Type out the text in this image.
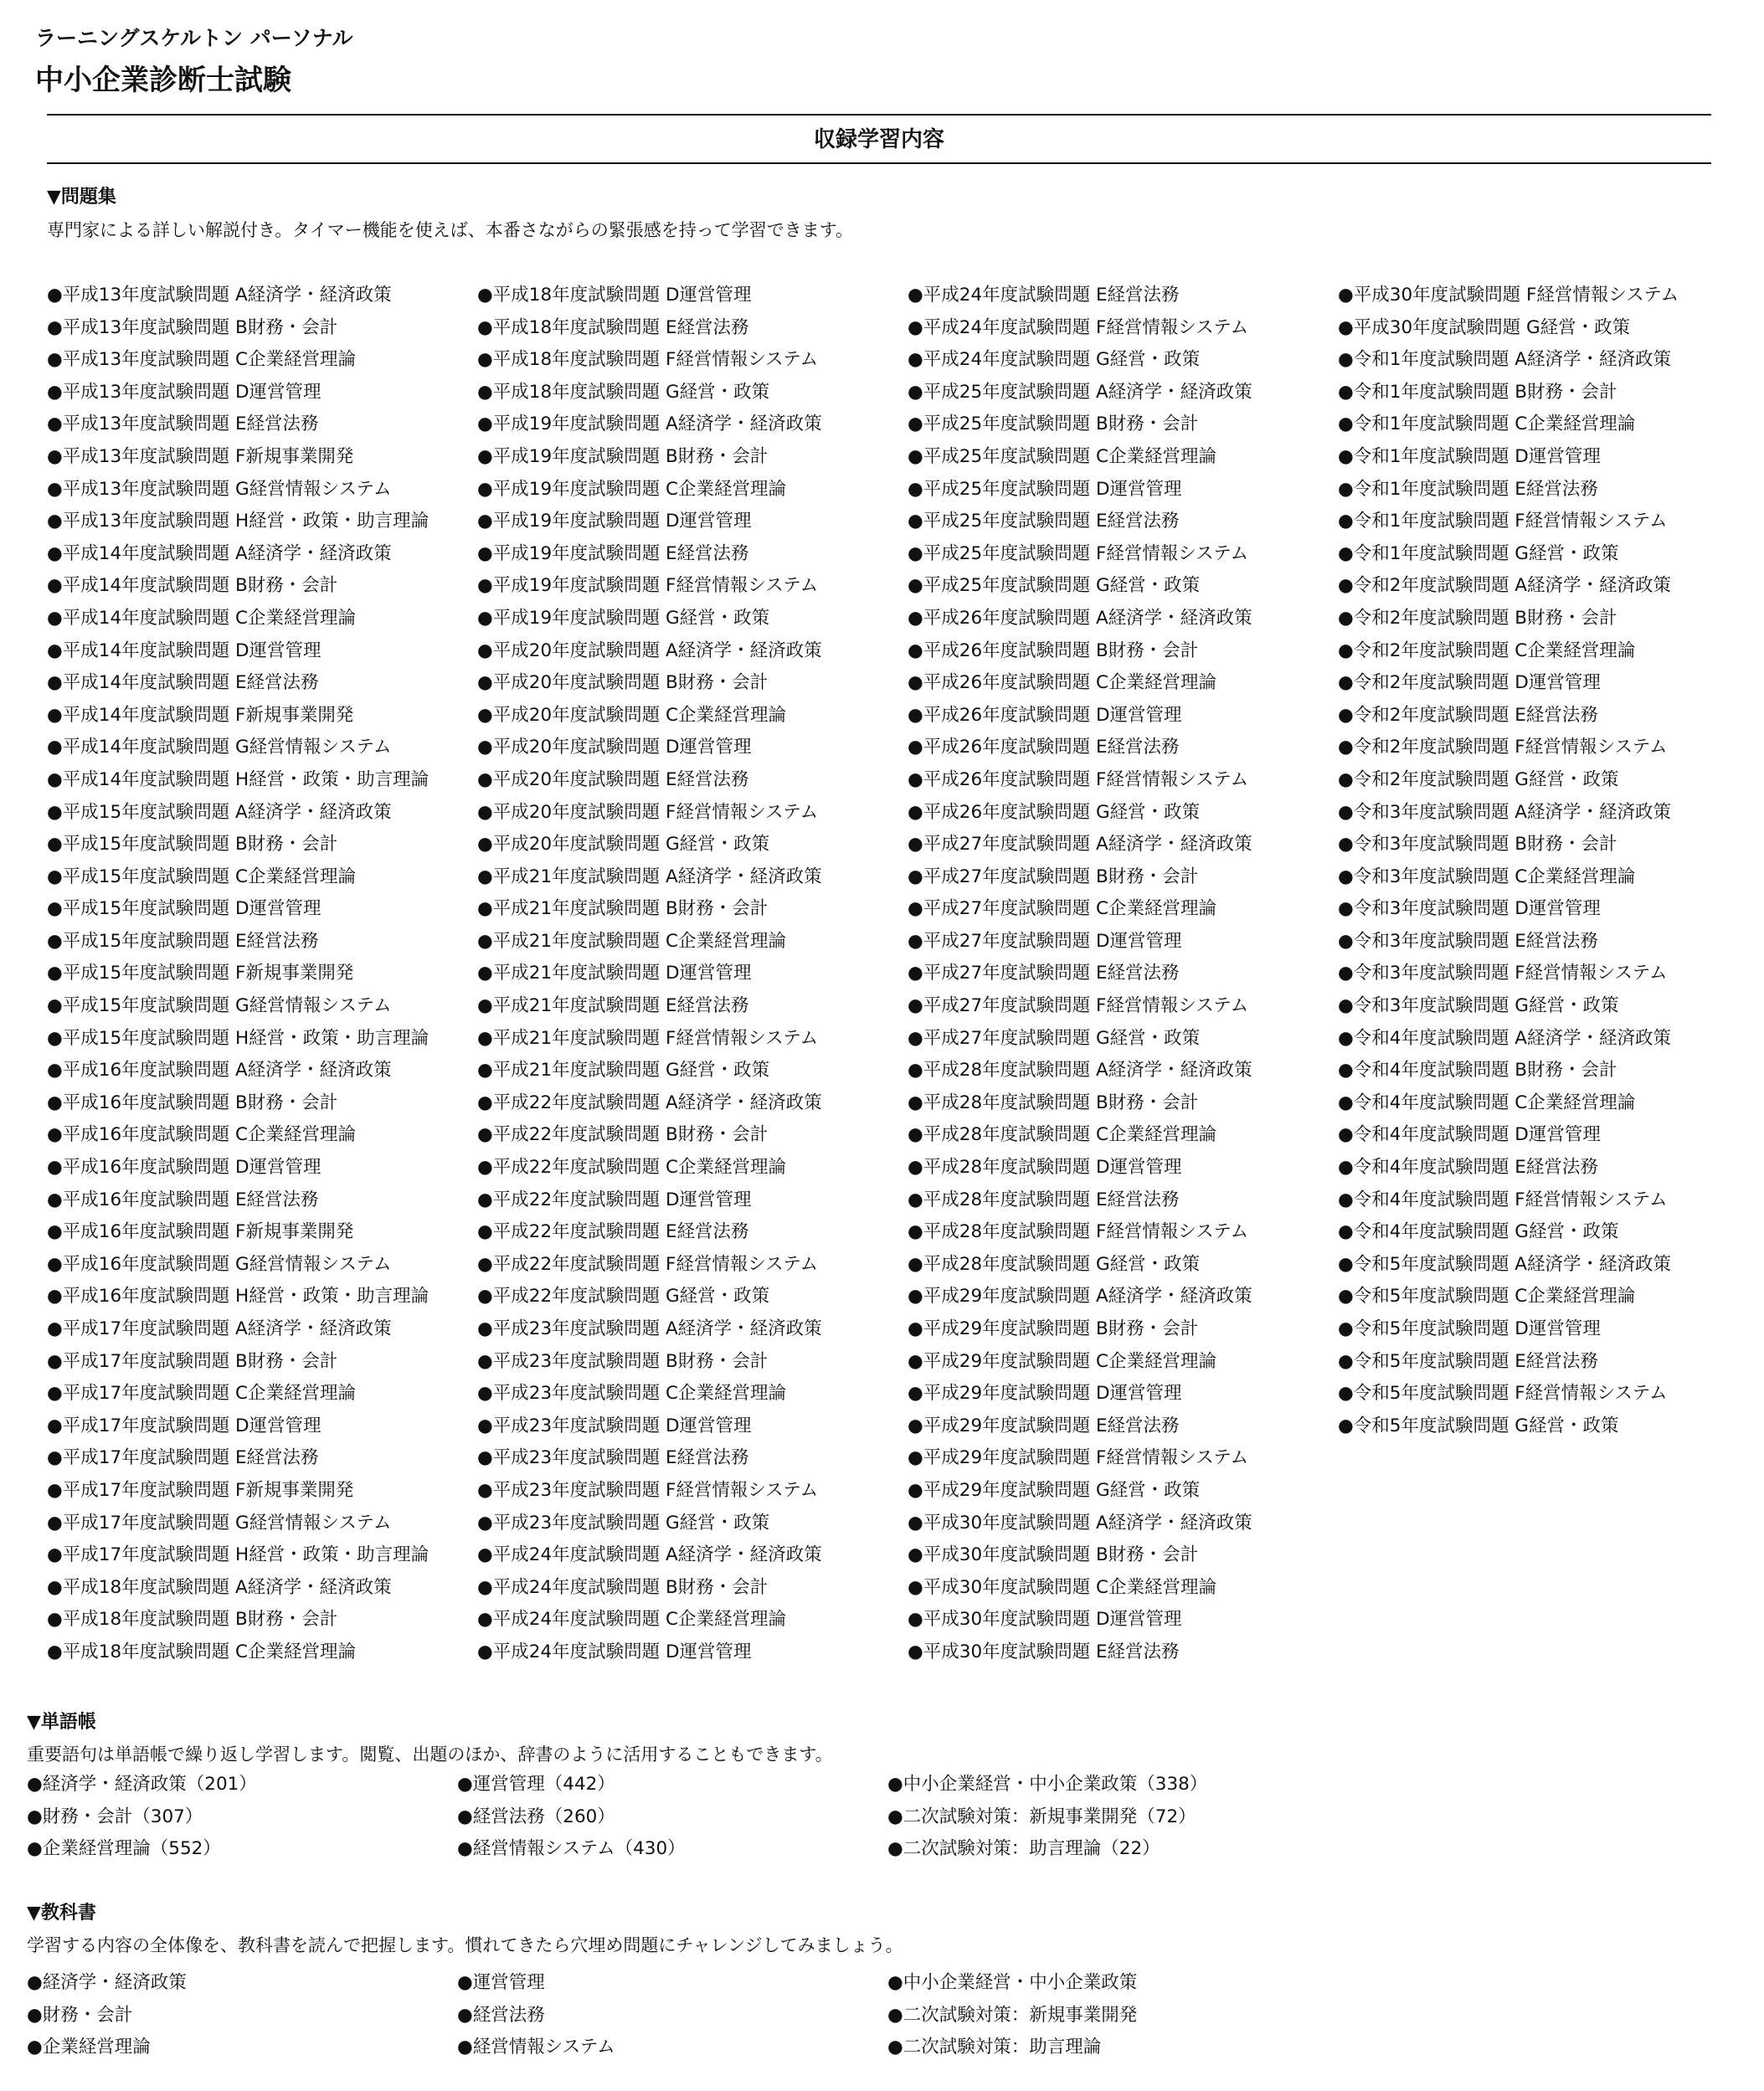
ラーニングスケルトン パーソナル
中小企業診断士試験
収録学習内容
▼問題集
専門家による詳しい解説付き。タイマー機能を使えば、本番さながらの緊張感を持って学習できます。
●平成13年度試験問題 A経済学・経済政策
●平成13年度試験問題 B財務・会計
●平成13年度試験問題 C企業経営理論
●平成13年度試験問題 D運営管理
●平成13年度試験問題 E経営法務
●平成13年度試験問題 F新規事業開発
●平成13年度試験問題 G経営情報システム
●平成13年度試験問題 H経営・政策・助言理論
●平成14年度試験問題 A経済学・経済政策
●平成14年度試験問題 B財務・会計
●平成14年度試験問題 C企業経営理論
●平成14年度試験問題 D運営管理
●平成14年度試験問題 E経営法務
●平成14年度試験問題 F新規事業開発
●平成14年度試験問題 G経営情報システム
●平成14年度試験問題 H経営・政策・助言理論
●平成15年度試験問題 A経済学・経済政策
●平成15年度試験問題 B財務・会計
●平成15年度試験問題 C企業経営理論
●平成15年度試験問題 D運営管理
●平成15年度試験問題 E経営法務
●平成15年度試験問題 F新規事業開発
●平成15年度試験問題 G経営情報システム
●平成15年度試験問題 H経営・政策・助言理論
●平成16年度試験問題 A経済学・経済政策
●平成16年度試験問題 B財務・会計
●平成16年度試験問題 C企業経営理論
●平成16年度試験問題 D運営管理
●平成16年度試験問題 E経営法務
●平成16年度試験問題 F新規事業開発
●平成16年度試験問題 G経営情報システム
●平成16年度試験問題 H経営・政策・助言理論
●平成17年度試験問題 A経済学・経済政策
●平成17年度試験問題 B財務・会計
●平成17年度試験問題 C企業経営理論
●平成17年度試験問題 D運営管理
●平成17年度試験問題 E経営法務
●平成17年度試験問題 F新規事業開発
●平成17年度試験問題 G経営情報システム
●平成17年度試験問題 H経営・政策・助言理論
●平成18年度試験問題 A経済学・経済政策
●平成18年度試験問題 B財務・会計
●平成18年度試験問題 C企業経営理論
●平成18年度試験問題 D運営管理
●平成18年度試験問題 E経営法務
●平成18年度試験問題 F経営情報システム
●平成18年度試験問題 G経営・政策
●平成19年度試験問題 A経済学・経済政策
●平成19年度試験問題 B財務・会計
●平成19年度試験問題 C企業経営理論
●平成19年度試験問題 D運営管理
●平成19年度試験問題 E経営法務
●平成19年度試験問題 F経営情報システム
●平成19年度試験問題 G経営・政策
●平成20年度試験問題 A経済学・経済政策
●平成20年度試験問題 B財務・会計
●平成20年度試験問題 C企業経営理論
●平成20年度試験問題 D運営管理
●平成20年度試験問題 E経営法務
●平成20年度試験問題 F経営情報システム
●平成20年度試験問題 G経営・政策
●平成21年度試験問題 A経済学・経済政策
●平成21年度試験問題 B財務・会計
●平成21年度試験問題 C企業経営理論
●平成21年度試験問題 D運営管理
●平成21年度試験問題 E経営法務
●平成21年度試験問題 F経営情報システム
●平成21年度試験問題 G経営・政策
●平成22年度試験問題 A経済学・経済政策
●平成22年度試験問題 B財務・会計
●平成22年度試験問題 C企業経営理論
●平成22年度試験問題 D運営管理
●平成22年度試験問題 E経営法務
●平成22年度試験問題 F経営情報システム
●平成22年度試験問題 G経営・政策
●平成23年度試験問題 A経済学・経済政策
●平成23年度試験問題 B財務・会計
●平成23年度試験問題 C企業経営理論
●平成23年度試験問題 D運営管理
●平成23年度試験問題 E経営法務
●平成23年度試験問題 F経営情報システム
●平成23年度試験問題 G経営・政策
●平成24年度試験問題 A経済学・経済政策
●平成24年度試験問題 B財務・会計
●平成24年度試験問題 C企業経営理論
●平成24年度試験問題 D運営管理
●平成24年度試験問題 E経営法務
●平成24年度試験問題 F経営情報システム
●平成24年度試験問題 G経営・政策
●平成25年度試験問題 A経済学・経済政策
●平成25年度試験問題 B財務・会計
●平成25年度試験問題 C企業経営理論
●平成25年度試験問題 D運営管理
●平成25年度試験問題 E経営法務
●平成25年度試験問題 F経営情報システム
●平成25年度試験問題 G経営・政策
●平成26年度試験問題 A経済学・経済政策
●平成26年度試験問題 B財務・会計
●平成26年度試験問題 C企業経営理論
●平成26年度試験問題 D運営管理
●平成26年度試験問題 E経営法務
●平成26年度試験問題 F経営情報システム
●平成26年度試験問題 G経営・政策
●平成27年度試験問題 A経済学・経済政策
●平成27年度試験問題 B財務・会計
●平成27年度試験問題 C企業経営理論
●平成27年度試験問題 D運営管理
●平成27年度試験問題 E経営法務
●平成27年度試験問題 F経営情報システム
●平成27年度試験問題 G経営・政策
●平成28年度試験問題 A経済学・経済政策
●平成28年度試験問題 B財務・会計
●平成28年度試験問題 C企業経営理論
●平成28年度試験問題 D運営管理
●平成28年度試験問題 E経営法務
●平成28年度試験問題 F経営情報システム
●平成28年度試験問題 G経営・政策
●平成29年度試験問題 A経済学・経済政策
●平成29年度試験問題 B財務・会計
●平成29年度試験問題 C企業経営理論
●平成29年度試験問題 D運営管理
●平成29年度試験問題 E経営法務
●平成29年度試験問題 F経営情報システム
●平成29年度試験問題 G経営・政策
●平成30年度試験問題 A経済学・経済政策
●平成30年度試験問題 B財務・会計
●平成30年度試験問題 C企業経営理論
●平成30年度試験問題 D運営管理
●平成30年度試験問題 E経営法務
●平成30年度試験問題 F経営情報システム
●平成30年度試験問題 G経営・政策
●令和1年度試験問題 A経済学・経済政策
●令和1年度試験問題 B財務・会計
●令和1年度試験問題 C企業経営理論
●令和1年度試験問題 D運営管理
●令和1年度試験問題 E経営法務
●令和1年度試験問題 F経営情報システム
●令和1年度試験問題 G経営・政策
●令和2年度試験問題 A経済学・経済政策
●令和2年度試験問題 B財務・会計
●令和2年度試験問題 C企業経営理論
●令和2年度試験問題 D運営管理
●令和2年度試験問題 E経営法務
●令和2年度試験問題 F経営情報システム
●令和2年度試験問題 G経営・政策
●令和3年度試験問題 A経済学・経済政策
●令和3年度試験問題 B財務・会計
●令和3年度試験問題 C企業経営理論
●令和3年度試験問題 D運営管理
●令和3年度試験問題 E経営法務
●令和3年度試験問題 F経営情報システム
●令和3年度試験問題 G経営・政策
●令和4年度試験問題 A経済学・経済政策
●令和4年度試験問題 B財務・会計
●令和4年度試験問題 C企業経営理論
●令和4年度試験問題 D運営管理
●令和4年度試験問題 E経営法務
●令和4年度試験問題 F経営情報システム
●令和4年度試験問題 G経営・政策
●令和5年度試験問題 A経済学・経済政策
●令和5年度試験問題 C企業経営理論
●令和5年度試験問題 D運営管理
●令和5年度試験問題 E経営法務
●令和5年度試験問題 F経営情報システム
●令和5年度試験問題 G経営・政策
▼単語帳
重要語句は単語帳で繰り返し学習します。閲覧、出題のほか、辞書のように活用することもできます。
●経済学・経済政策（201）
●財務・会計（307）
●企業経営理論（552）
●運営管理（442）
●経営法務（260）
●経営情報システム（430）
●中小企業経営・中小企業政策（338）
●二次試験対策：新規事業開発（72）
●二次試験対策：助言理論（22）
▼教科書
学習する内容の全体像を、教科書を読んで把握します。慣れてきたら穴埋め問題にチャレンジしてみましょう。
●経済学・経済政策
●財務・会計
●企業経営理論
●運営管理
●経営法務
●経営情報システム
●中小企業経営・中小企業政策
●二次試験対策：新規事業開発
●二次試験対策：助言理論
